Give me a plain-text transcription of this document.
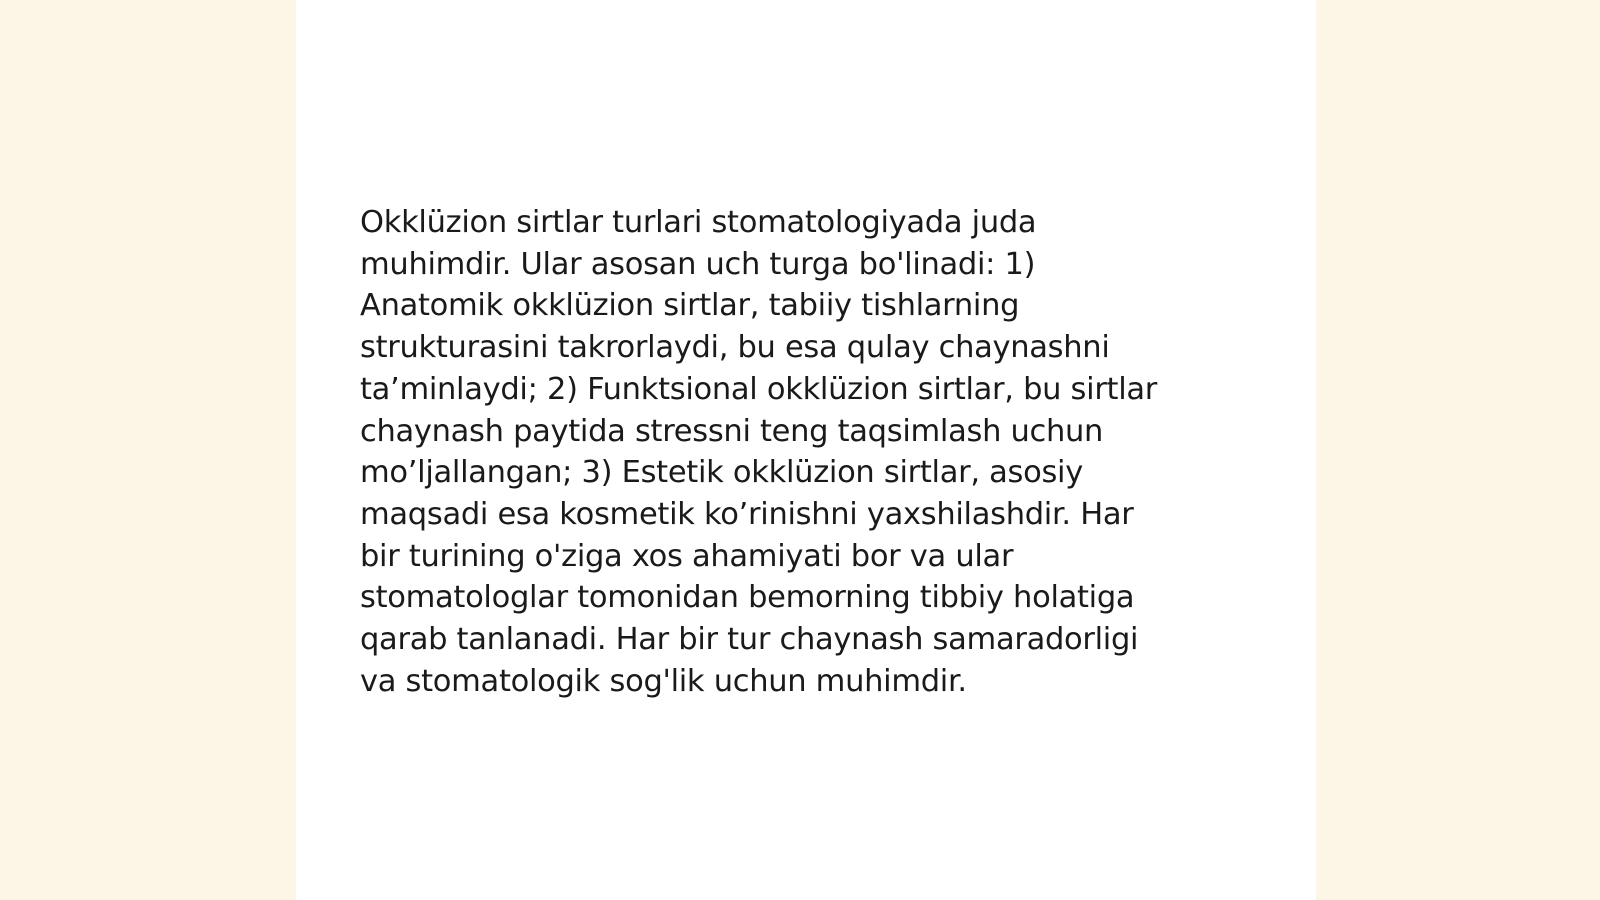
Okklüzion sirtlar turlari stomatologiyada juda
muhimdir. Ular asosan uch turga bo'linadi: 1)
Anatomik okklüzion sirtlar, tabiiy tishlarning
strukturasini takrorlaydi, bu esa qulay chaynashni
ta’minlaydi; 2) Funktsional okklüzion sirtlar, bu sirtlar
chaynash paytida stressni teng taqsimlash uchun
mo’ljallangan; 3) Estetik okklüzion sirtlar, asosiy
maqsadi esa kosmetik ko’rinishni yaxshilashdir. Har
bir turining o'ziga xos ahamiyati bor va ular
stomatologlar tomonidan bemorning tibbiy holatiga
qarab tanlanadi. Har bir tur chaynash samaradorligi
va stomatologik sog'lik uchun muhimdir.
